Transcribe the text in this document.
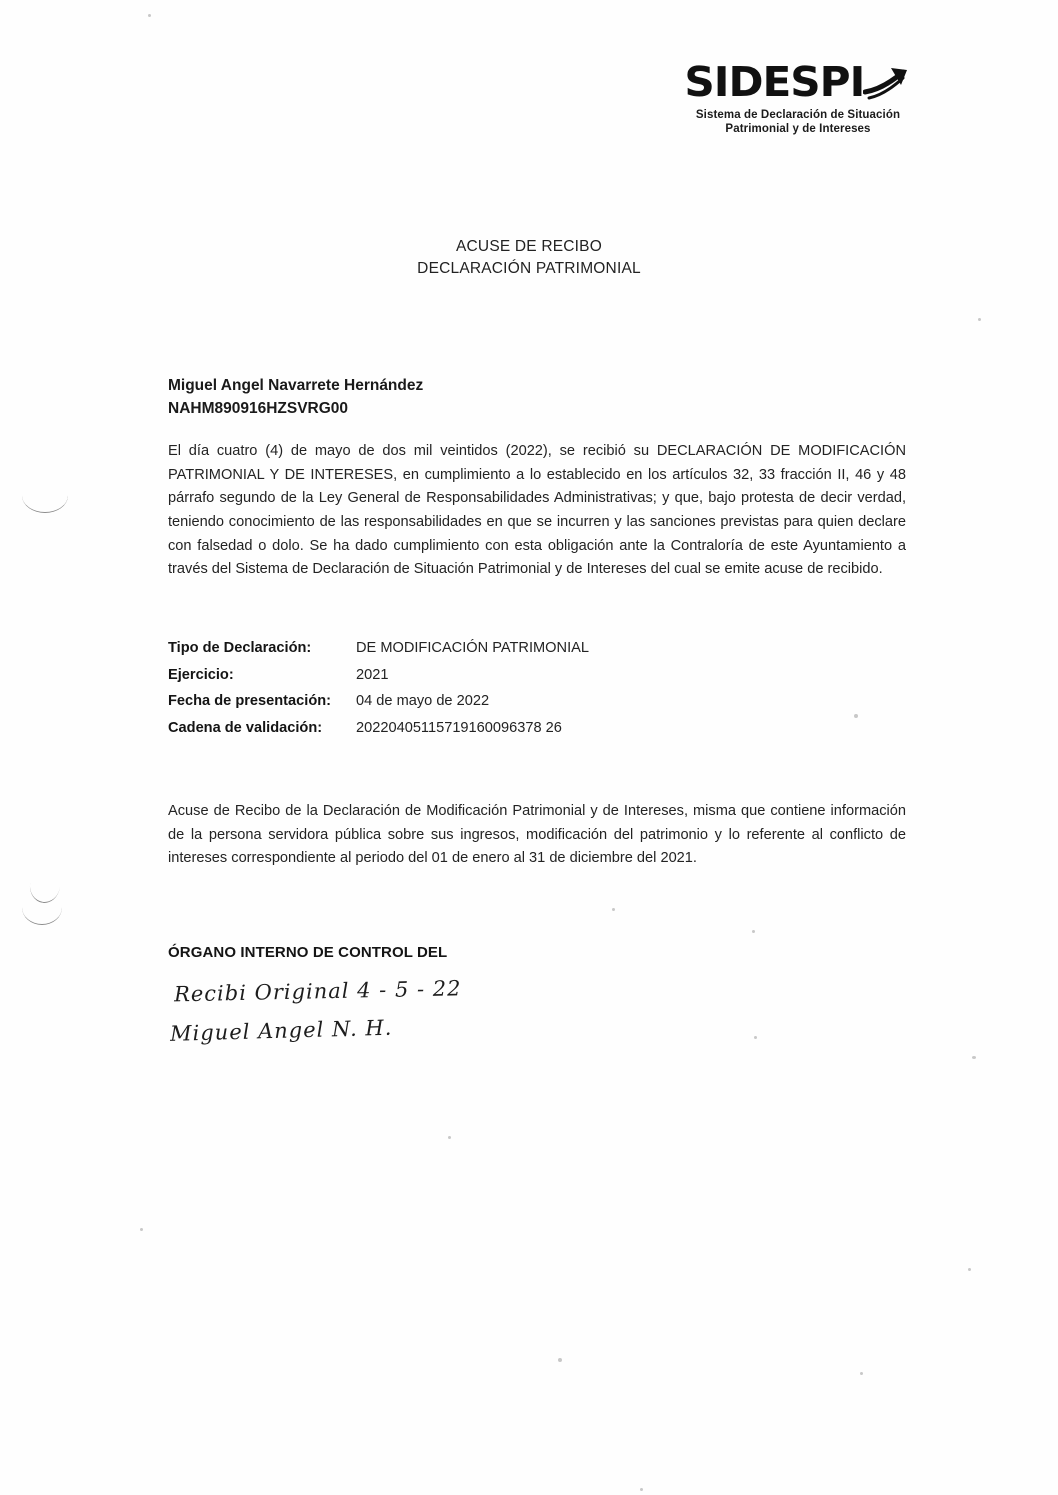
SIDESPI
Sistema de Declaración de Situación
Patrimonial y de Intereses
ACUSE DE RECIBO
DECLARACIÓN PATRIMONIAL
Miguel Angel Navarrete Hernández
NAHM890916HZSVRG00
El día cuatro (4) de mayo de dos mil veintidos (2022), se recibió su DECLARACIÓN DE MODIFICACIÓN PATRIMONIAL Y DE INTERESES, en cumplimiento a lo establecido en los artículos 32, 33 fracción II, 46 y 48 párrafo segundo de la Ley General de Responsabilidades Administrativas; y que, bajo protesta de decir verdad, teniendo conocimiento de las responsabilidades en que se incurren y las sanciones previstas para quien declare con falsedad o dolo. Se ha dado cumplimiento con esta obligación ante la Contraloría de este Ayuntamiento a través del Sistema de Declaración de Situación Patrimonial y de Intereses del cual se emite acuse de recibido.
Tipo de Declaración:	DE MODIFICACIÓN PATRIMONIAL
Ejercicio:	2021
Fecha de presentación:	04 de mayo de 2022
Cadena de validación:	20220405115719160096378 26
Acuse de Recibo de la Declaración de Modificación Patrimonial y de Intereses, misma que contiene información de la persona servidora pública sobre sus ingresos, modificación del patrimonio y lo referente al conflicto de intereses correspondiente al periodo del 01 de enero al 31 de diciembre del 2021.
ÓRGANO INTERNO DE CONTROL DEL
Recibi Original 4 - 5 - 22
Miguel Angel N. H.
